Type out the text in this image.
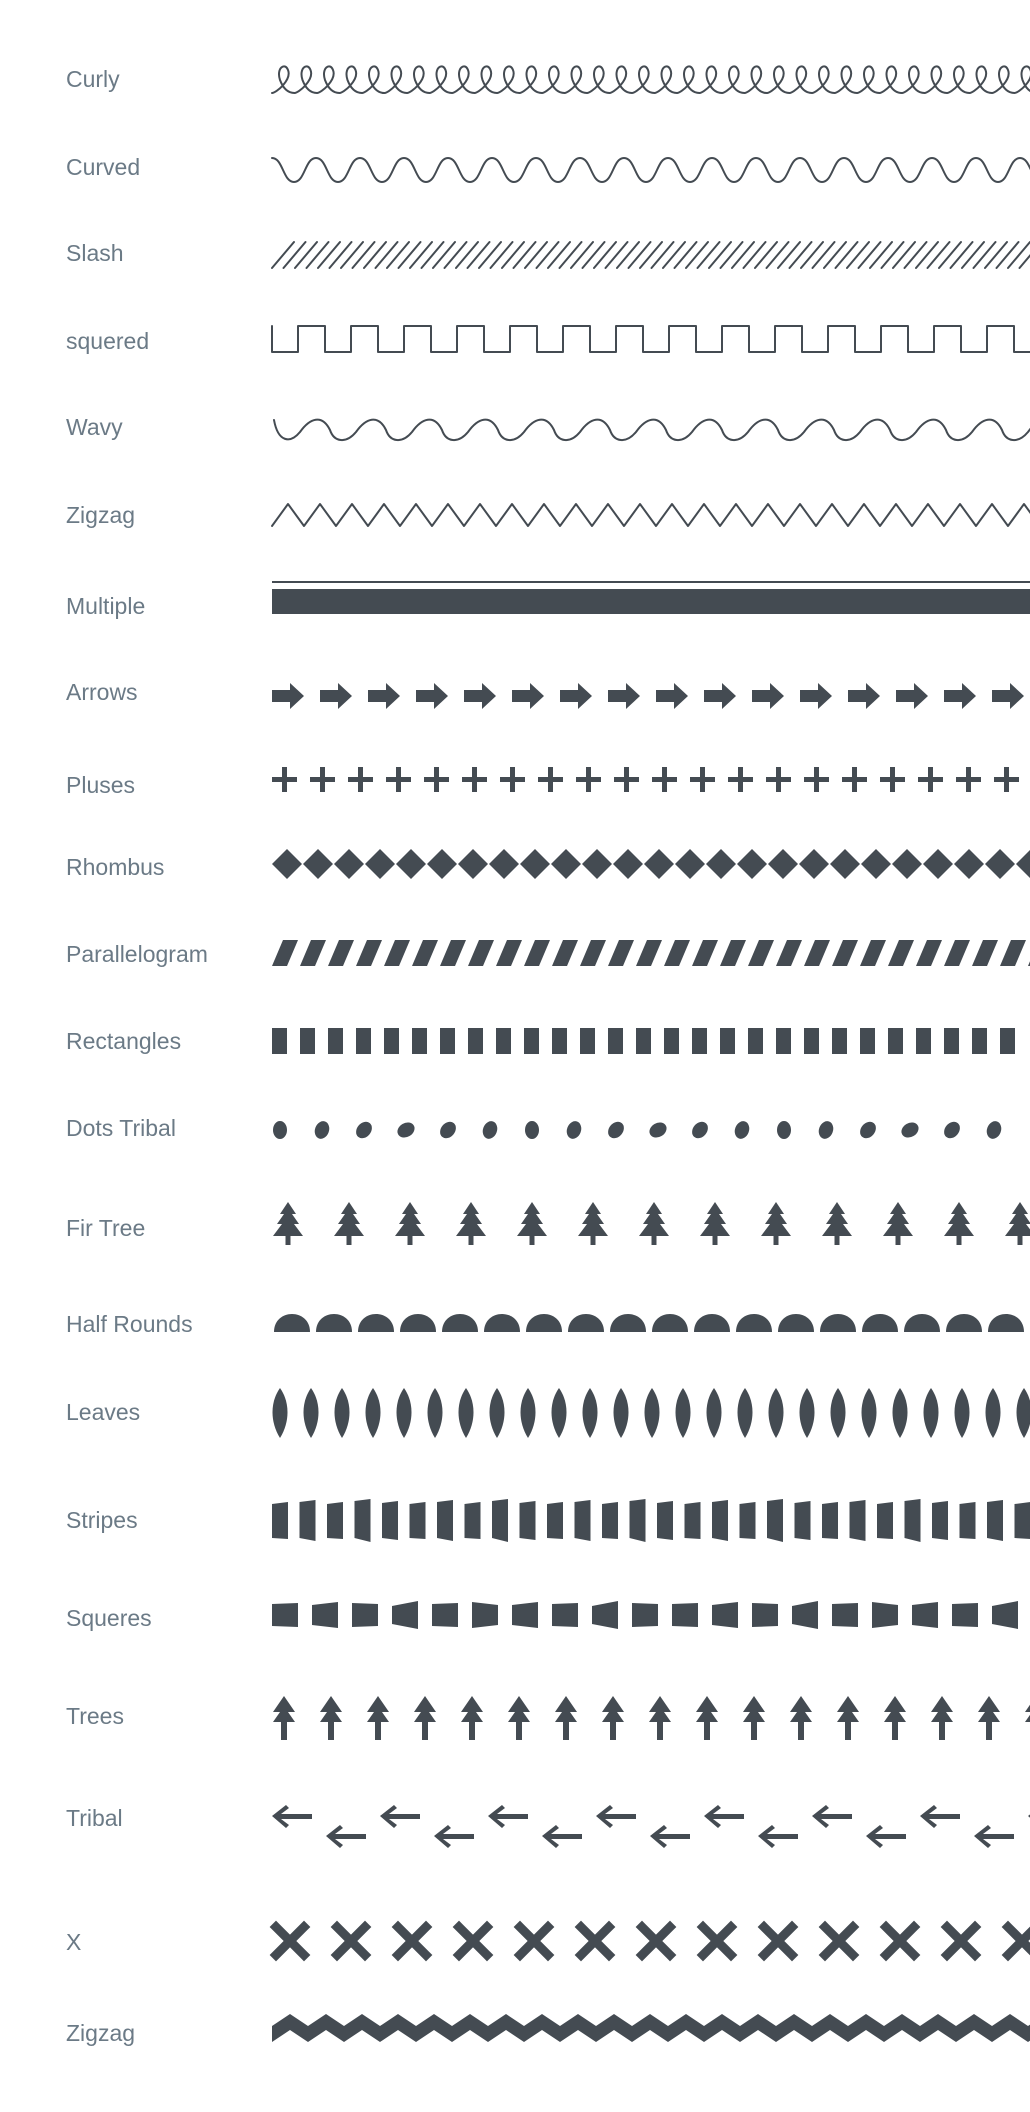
Curly
Curved
Slash
squered
Wavy
Zigzag
Multiple
Arrows
Pluses
Rhombus
Parallelogram
Rectangles
Dots Tribal
Fir Tree
Half Rounds
Leaves
Stripes
Squeres
Trees
Tribal
X
Zigzag
